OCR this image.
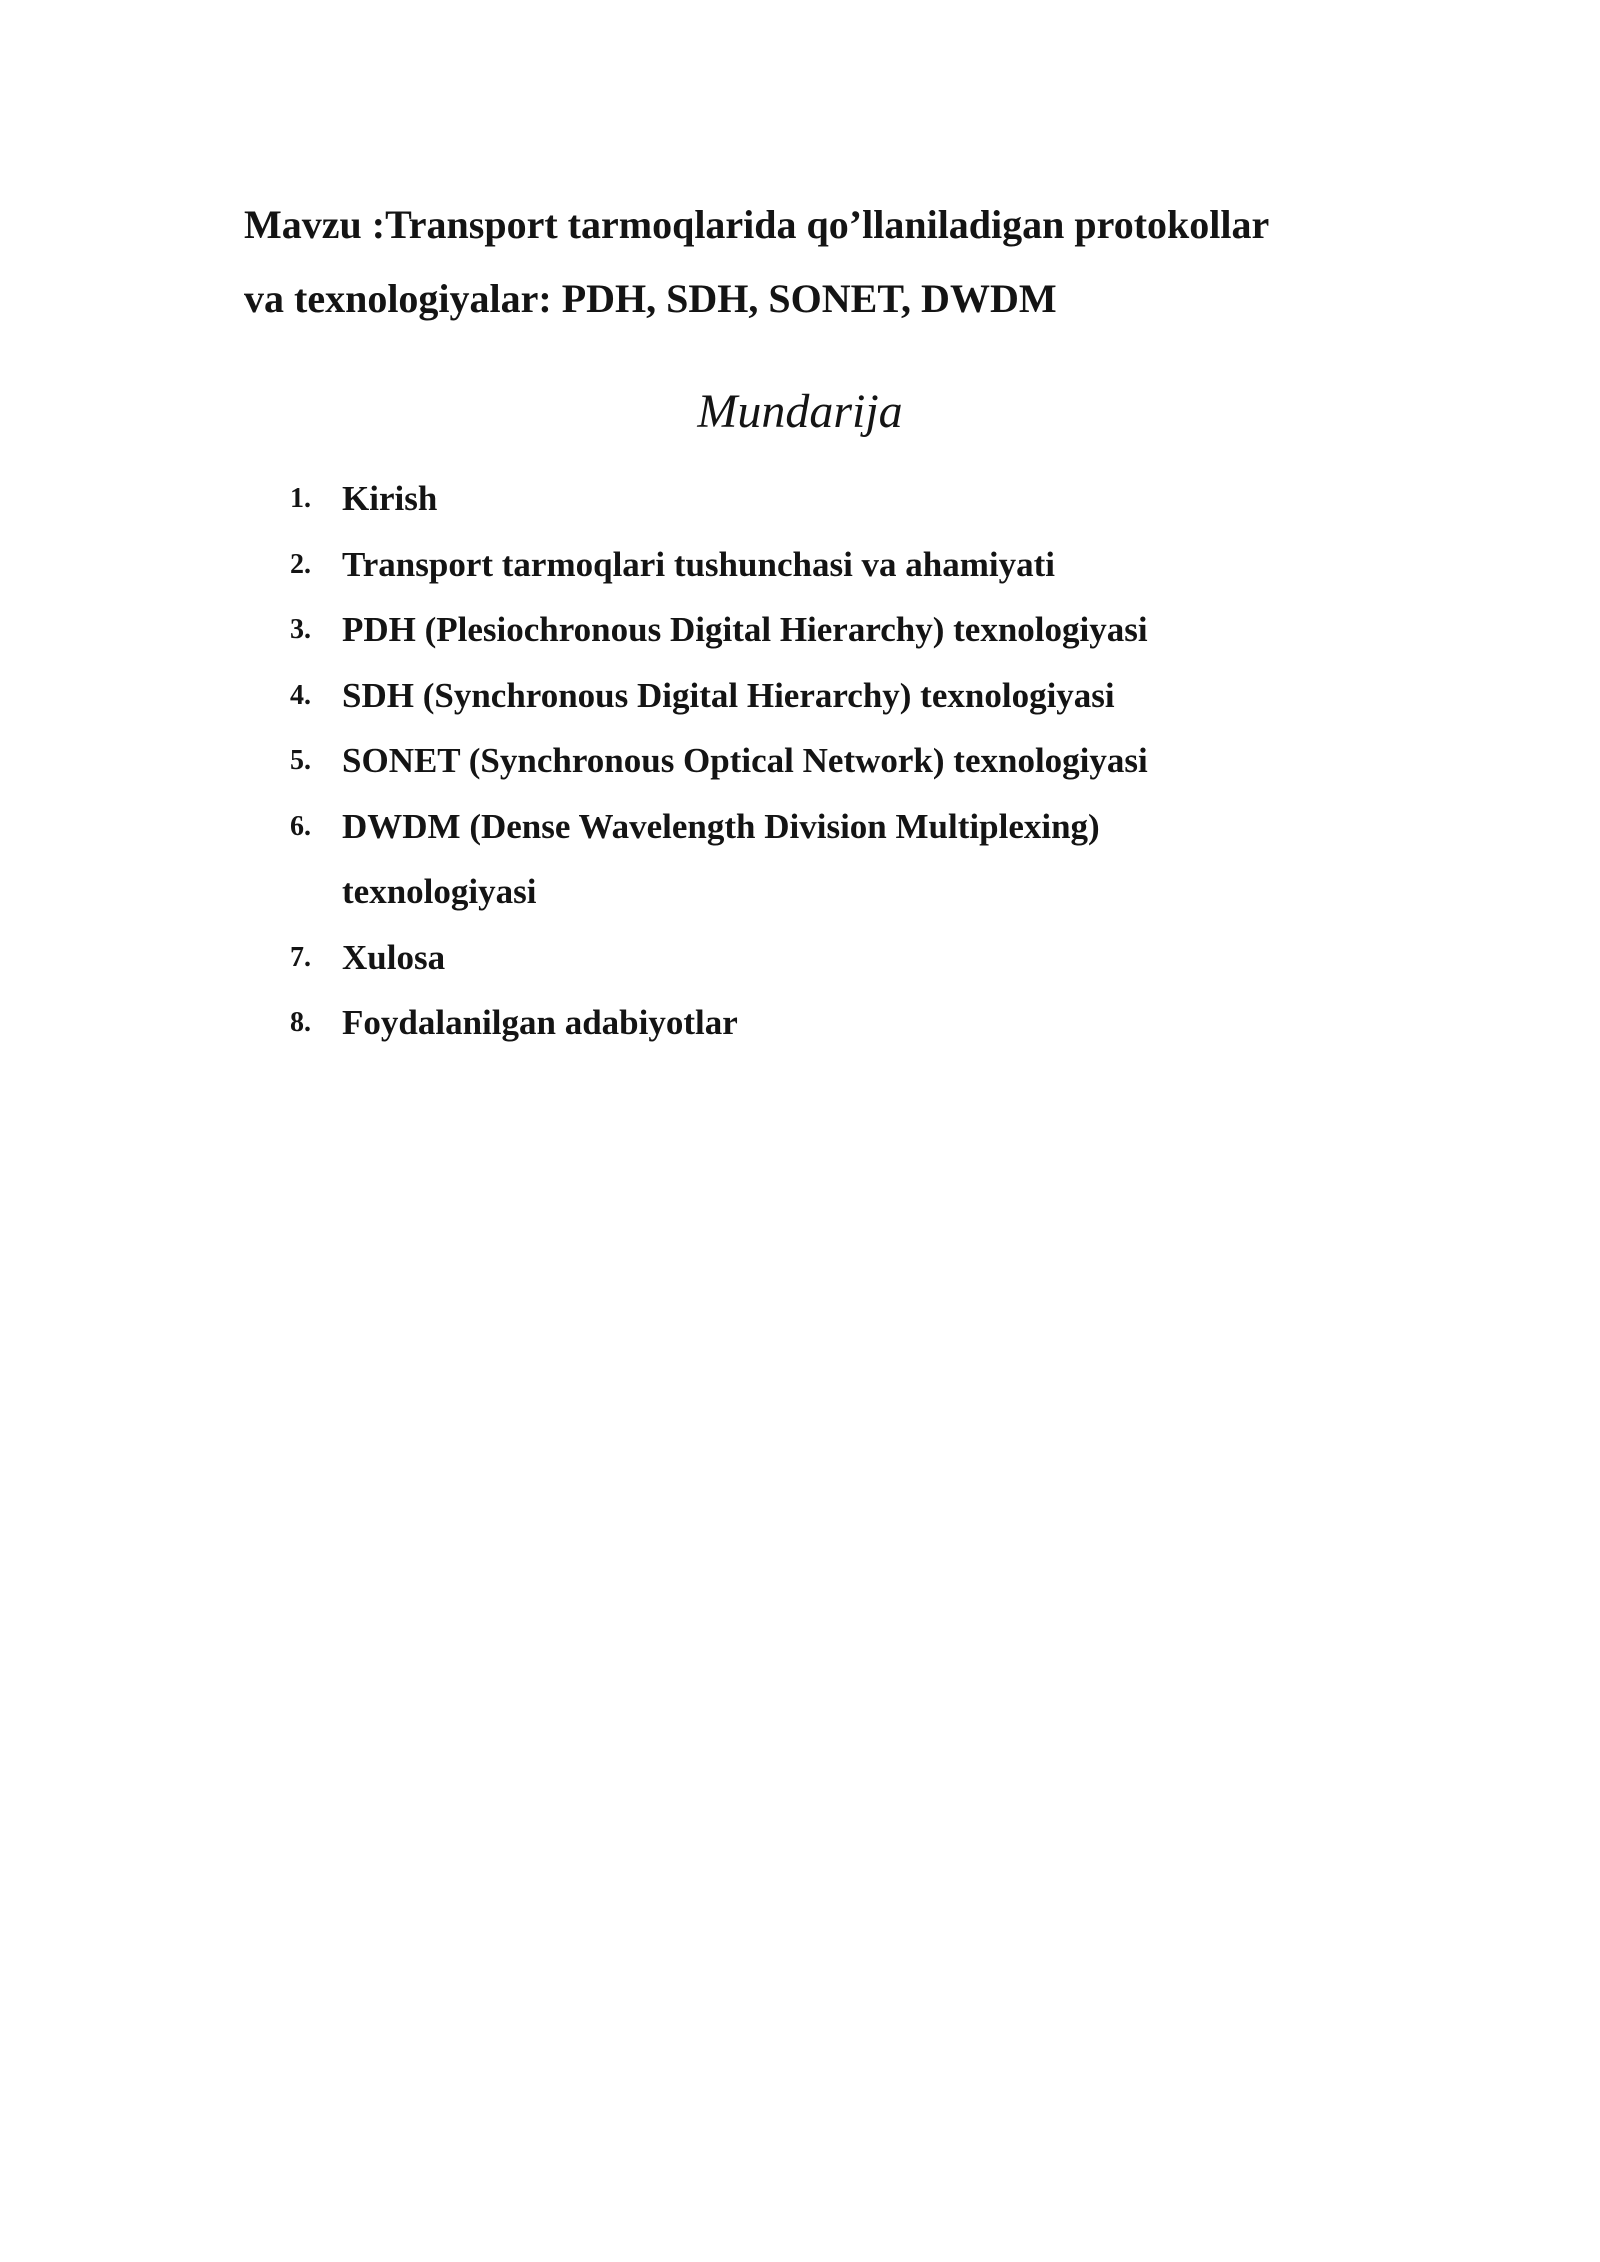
Mavzu :Transport tarmoqlarida qo’llaniladigan protokollar
va texnologiyalar: PDH, SDH, SONET, DWDM
Mundarija
1. Kirish
2. Transport tarmoqlari tushunchasi va ahamiyati
3. PDH (Plesiochronous Digital Hierarchy) texnologiyasi
4. SDH (Synchronous Digital Hierarchy) texnologiyasi
5. SONET (Synchronous Optical Network) texnologiyasi
6. DWDM (Dense Wavelength Division Multiplexing)
texnologiyasi
7. Xulosa
8. Foydalanilgan adabiyotlar
